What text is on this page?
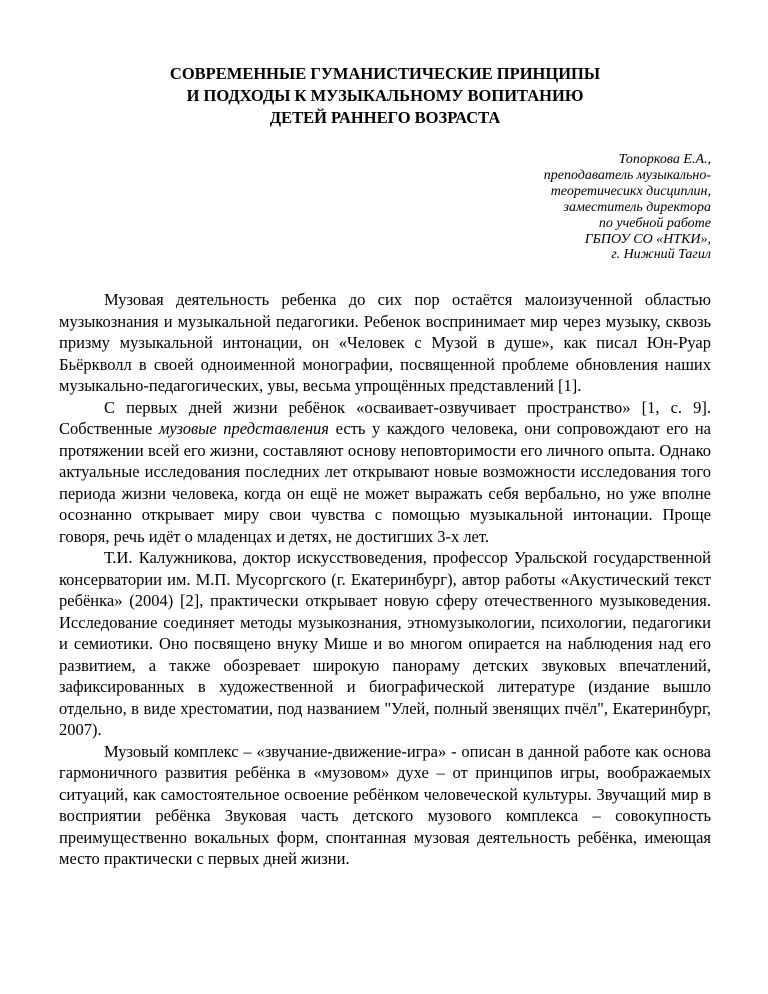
СОВРЕМЕННЫЕ ГУМАНИСТИЧЕСКИЕ ПРИНЦИПЫ
И ПОДХОДЫ К МУЗЫКАЛЬНОМУ ВОПИТАНИЮ
ДЕТЕЙ РАННЕГО ВОЗРАСТА
Топоркова Е.А.,
преподаватель музыкально-
теоретичесикх дисциплин,
заместитель директора
по учебной работе
ГБПОУ СО «НТКИ»,
г. Нижний Тагил

Музовая деятельность ребенка до сих пор остаётся малоизученной областью музыкознания и музыкальной педагогики. Ребенок воспринимает мир через музыку, сквозь призму музыкальной интонации, он «Человек с Музой в душе», как писал Юн-Руар Бьёркволл в своей одноименной монографии, посвященной проблеме обновления наших музыкально-педагогических, увы, весьма упрощённых представлений [1].

С первых дней жизни ребёнок «осваивает-озвучивает пространство» [1, с. 9]. Собственные музовые представления есть у каждого человека, они сопровождают его на протяжении всей его жизни, составляют основу неповторимости его личного опыта. Однако актуальные исследования последних лет открывают новые возможности исследования того периода жизни человека, когда он ещё не может выражать себя вербально, но уже вполне осознанно открывает миру свои чувства с помощью музыкальной интонации. Проще говоря, речь идёт о младенцах и детях, не достигших 3-х лет.

Т.И. Калужникова, доктор искусствоведения, профессор Уральской государственной консерватории им. М.П. Мусоргского (г. Екатеринбург), автор работы «Акустический текст ребёнка» (2004) [2], практически открывает новую сферу отечественного музыковедения. Исследование соединяет методы музыкознания, этномузыкологии, психологии, педагогики и семиотики. Оно посвящено внуку Мише и во многом опирается на наблюдения над его развитием, а также обозревает широкую панораму детских звуковых впечатлений, зафиксированных в художественной и биографической литературе (издание вышло отдельно, в виде хрестоматии, под названием "Улей, полный звенящих пчёл", Екатеринбург, 2007).

Музовый комплекс – «звучание-движение-игра» - описан в данной работе как основа гармоничного развития ребёнка в «музовом» духе – от принципов игры, воображаемых ситуаций, как самостоятельное освоение ребёнком человеческой культуры. Звучащий мир в восприятии ребёнка Звуковая часть детского музового комплекса – совокупность преимущественно вокальных форм, спонтанная музовая деятельность ребёнка, имеющая место практически с первых дней жизни.
